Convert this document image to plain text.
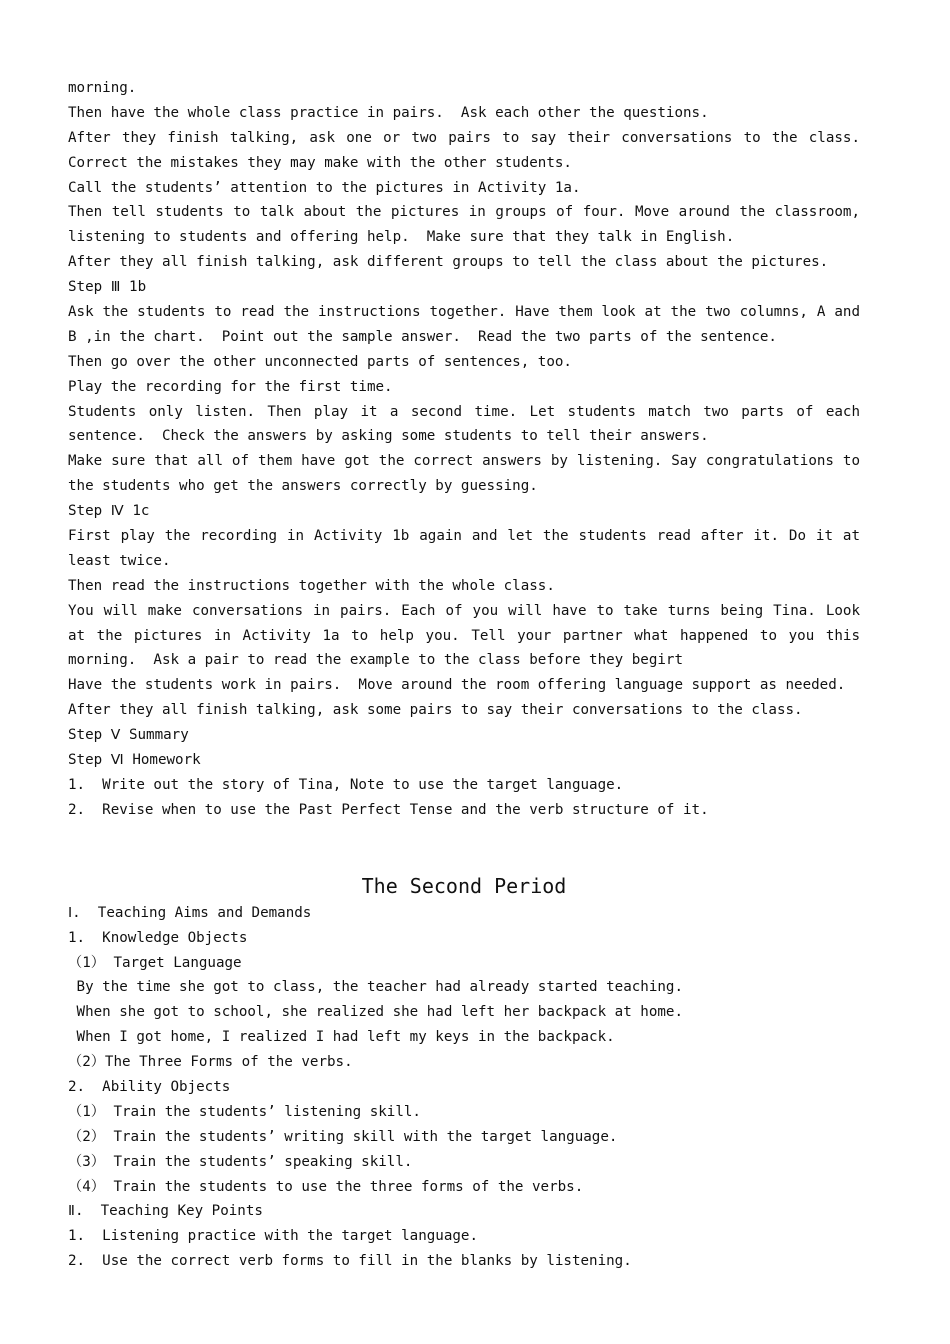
morning.
Then have the whole class practice in pairs.  Ask each other the questions.
After they finish talking, ask one or two pairs to say their conversations to the class.
Correct the mistakes they may make with the other students.
Call the students’ attention to the pictures in Activity 1a.
Then tell students to talk about the pictures in groups of four. Move around the classroom,
listening to students and offering help.  Make sure that they talk in English.
After they all finish talking, ask different groups to tell the class about the pictures.
Step Ⅲ 1b
Ask the students to read the instructions together. Have them look at the two columns, A and
B ,in the chart.  Point out the sample answer.  Read the two parts of the sentence.
Then go over the other unconnected parts of sentences, too.
Play the recording for the first time.
Students only listen. Then play it a second time. Let students match two parts of each
sentence.  Check the answers by asking some students to tell their answers.
Make sure that all of them have got the correct answers by listening. Say congratulations to
the students who get the answers correctly by guessing.
Step Ⅳ 1c
First play the recording in Activity 1b again and let the students read after it. Do it at
least twice.
Then read the instructions together with the whole class.
You will make conversations in pairs. Each of you will have to take turns being Tina. Look
at the pictures in Activity 1a to help you. Tell your partner what happened to you this
morning.  Ask a pair to read the example to the class before they begirt
Have the students work in pairs.  Move around the room offering language support as needed.
After they all finish talking, ask some pairs to say their conversations to the class.
Step Ⅴ Summary
Step Ⅵ Homework
1.  Write out the story of Tina, Note to use the target language.
2.  Revise when to use the Past Perfect Tense and the verb structure of it.
The Second Period
Ⅰ.  Teaching Aims and Demands
1.  Knowledge Objects
（1） Target Language
By the time she got to class, the teacher had already started teaching.
When she got to school, she realized she had left her backpack at home.
When I got home, I realized I had left my keys in the backpack.
（2）The Three Forms of the verbs.
2.  Ability Objects
（1） Train the students’ listening skill.
（2） Train the students’ writing skill with the target language.
（3） Train the students’ speaking skill.
（4） Train the students to use the three forms of the verbs.
Ⅱ.  Teaching Key Points
1.  Listening practice with the target language.
2.  Use the correct verb forms to fill in the blanks by listening.
